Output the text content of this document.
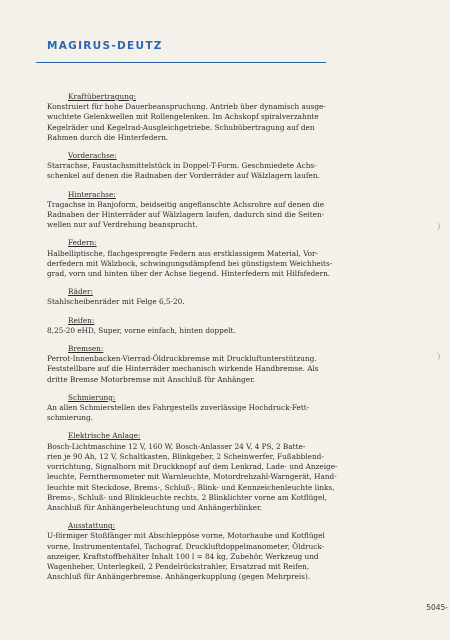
MAGIRUS-DEUTZ
Kraftübertragung:
Konstruiert für hohe Dauerbeanspruchung. Antrieb über dynamisch ausge-
wuchtete Gelenkwellen mit Rollengelenken. Im Achskopf spiralverzahnte
Kegelräder und Kegelrad-Ausgleichgetriebe. Schubübertragung auf den
Rahmen durch die Hinterfedern.
Vorderachse:
Starrachse, Faustachsmittelstück in Doppel-T-Form. Geschmiedete Achs-
schenkel auf denen die Radnaben der Vorderräder auf Wälzlagern laufen.
Hinterachse:
Tragachse in Banjoform, beidseitig angeflanschte Achsrohre auf denen die
Radnaben der Hinterräder auf Wälzlagern laufen, dadurch sind die Seiten-
wellen nur auf Verdrehung beansprucht.
Federn:
Halbelliptische, flachgesprengte Federn aus erstklassigem Material, Vor-
derfedern mit Wälzbock, schwingungsdämpfend bei günstigstem Weichheits-
grad, vorn und hinten über der Achse liegend. Hinterfedern mit Hilfsfedern.
Räder:
Stahlscheibenräder mit Felge 6,5-20.
Reifen:
8,25-20 eHD, Super, vorne einfach, hinten doppelt.
Bremsen:
Perrot-Innenbacken-Vierrad-Öldruckbremse mit Druckluftunterstützung.
Feststellbare auf die Hinterräder mechanisch wirkende Handbremse. Als
dritte Bremse Motorbremse mit Anschluß für Anhänger.
Schmierung:
An allen Schmierstellen des Fahrgestells zuverlässige Hochdruck-Fett-
schmierung.
Elektrische Anlage:
Bosch-Lichtmaschine 12 V, 160 W, Bosch-Anlasser 24 V, 4 PS, 2 Batte-
rien je 90 Ah, 12 V, Schaltkasten, Blinkgeber, 2 Scheinwerfer, Fußabblend-
vorrichtung, Signalhorn mit Druckknopf auf dem Lenkrad, Lade- und Anzeige-
leuchte, Fernthermometer mit Warnleuchte, Motordrehzahl-Warngerät, Hand-
leuchte mit Steckdose, Brems-, Schluß-, Blink- und Kennzeichenleuchte links,
Brems-, Schluß- und Blinkleuchte rechts, 2 Blinklichter vorne am Kotflügel,
Anschluß für Anhängerbeleuchtung und Anhängerblinker.
Ausstattung:
U-förmiger Stoßfänger mit Abschleppöse vorne, Motorhaube und Kotflügel
vorne, Instrumententafel, Tachograf, Druckluftdoppelmanometer, Öldruck-
anzeiger, Kraftstoffbehälter Inhalt 100 l = 84 kg, Zubehör, Werkzeug und
Wagenheber, Unterlegkeil, 2 Pendelrückstrahler, Ersatzrad mit Reifen,
Anschluß für Anhängerbremse. Anhängerkupplung (gegen Mehrpreis).
5045-
